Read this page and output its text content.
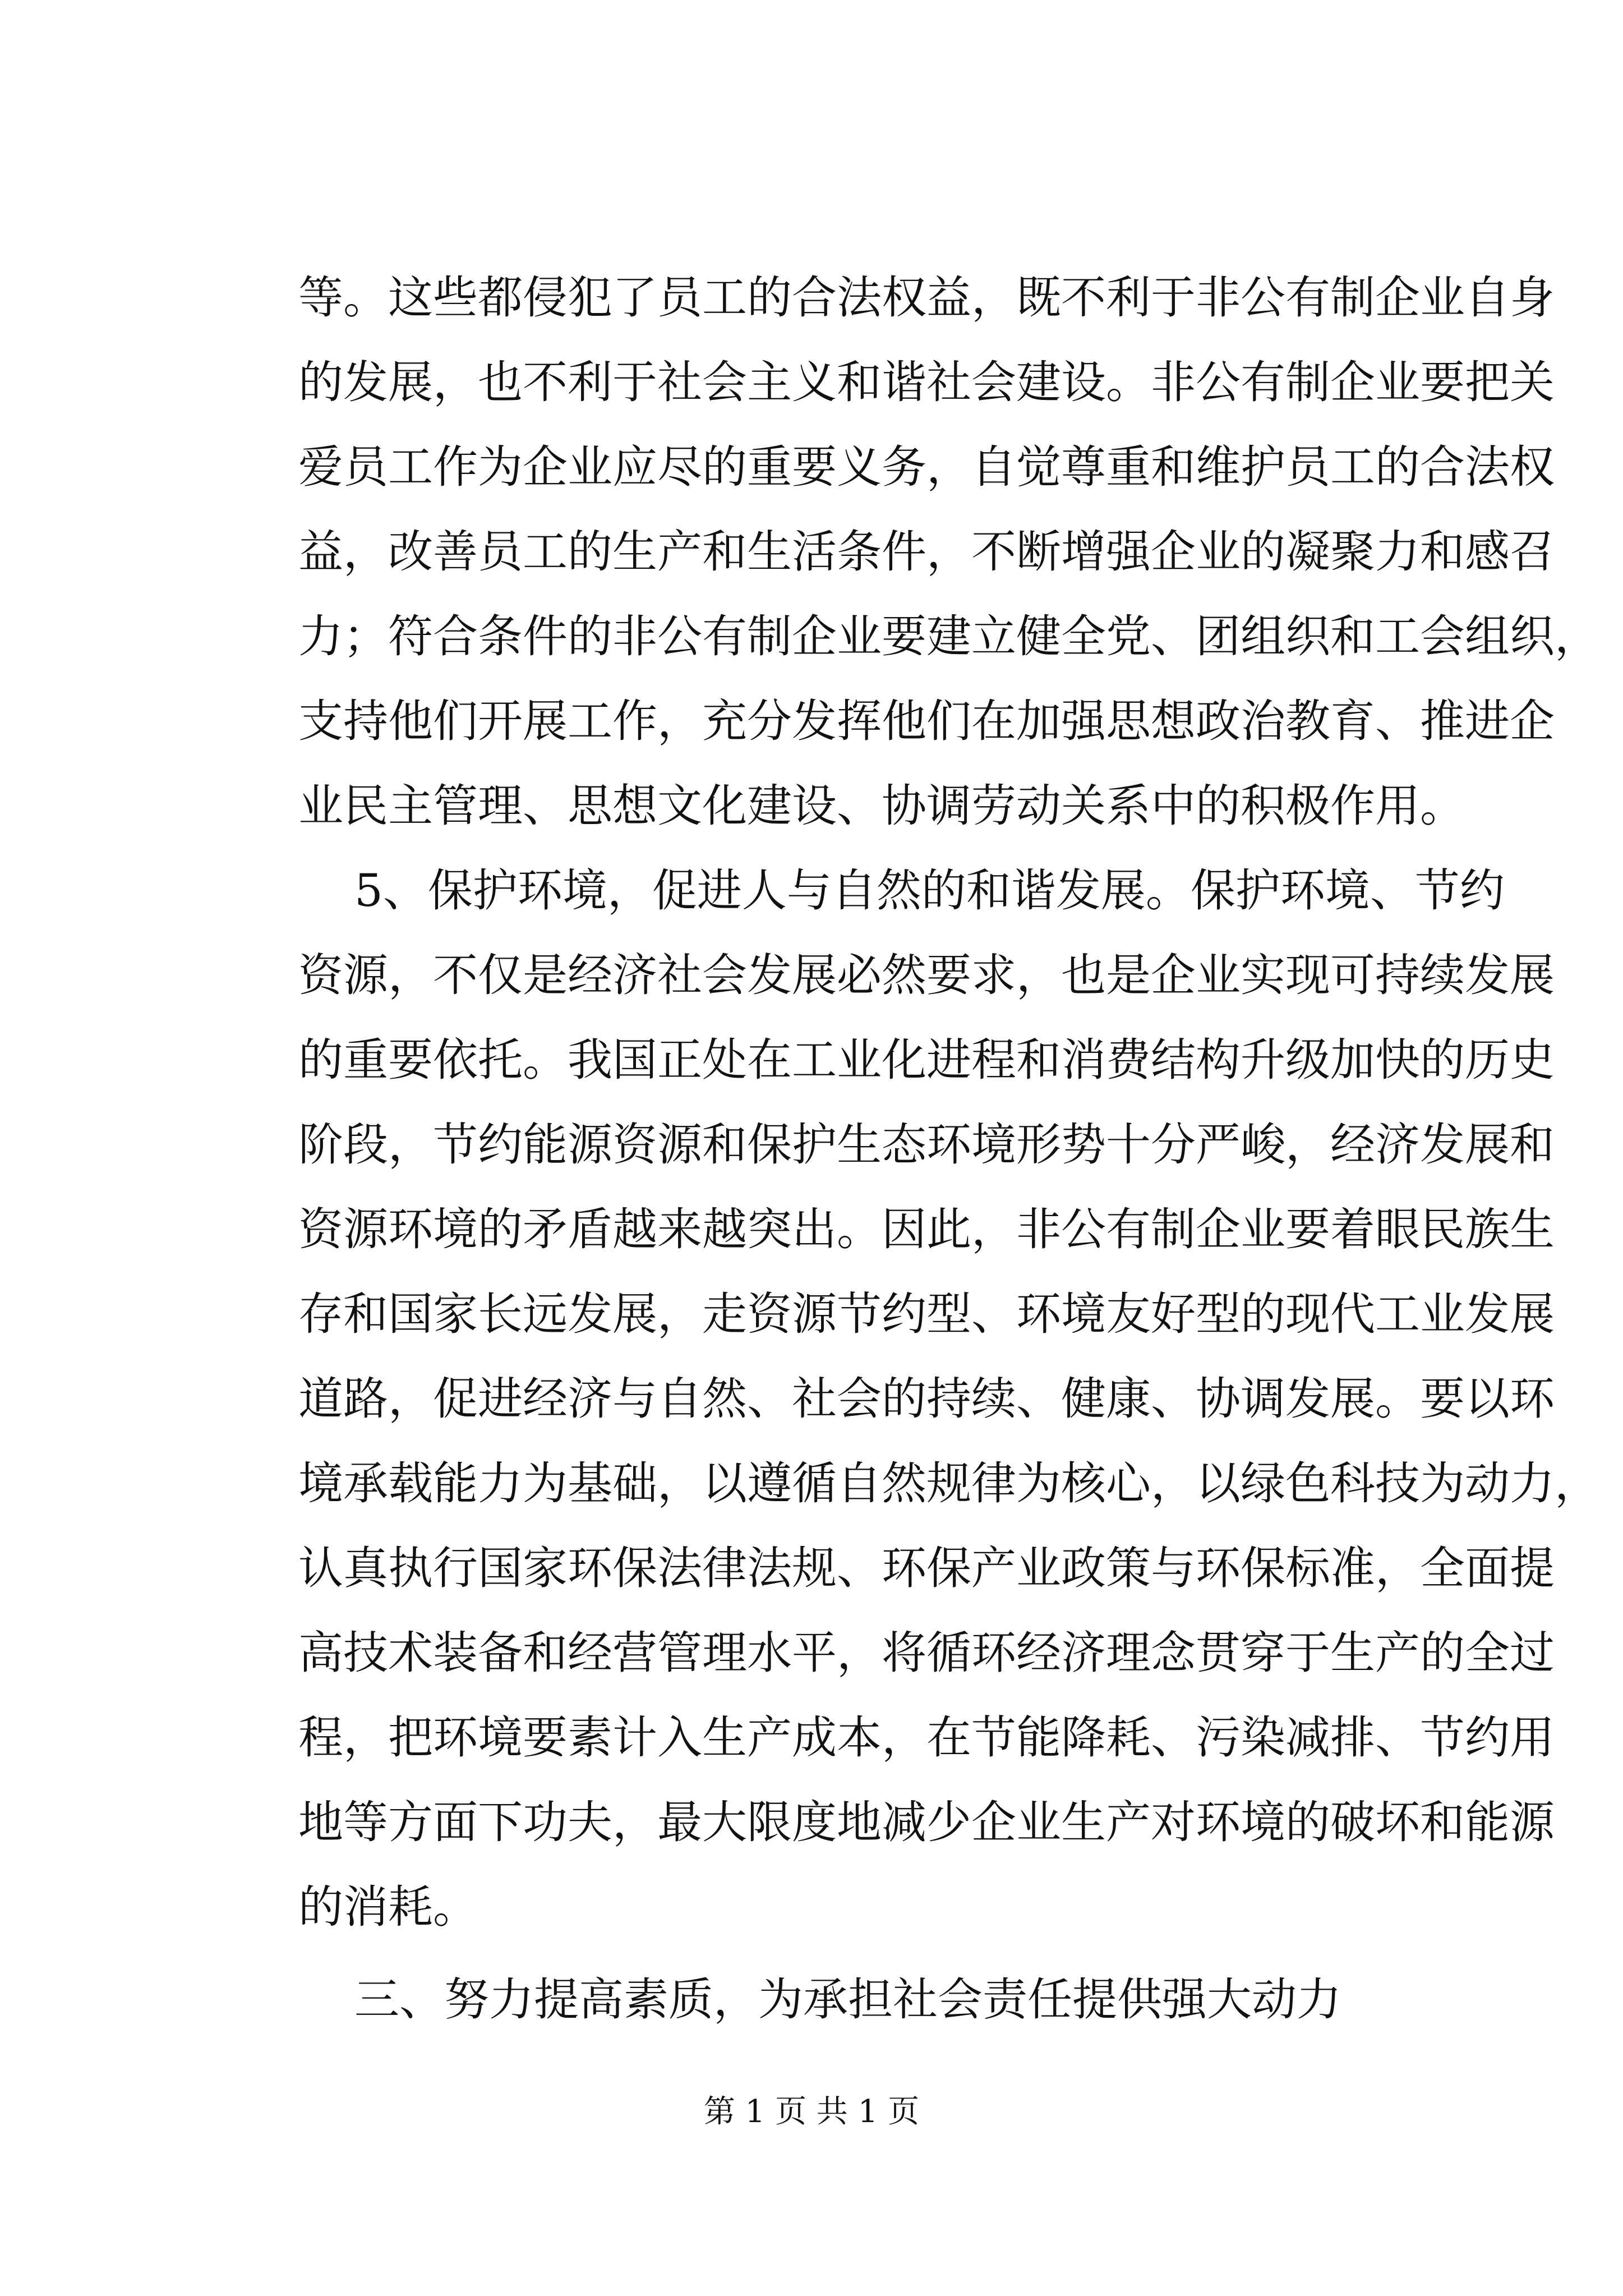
等。这些都侵犯了员工的合法权益，既不利于非公有制企业自身
的发展，也不利于社会主义和谐社会建设。非公有制企业要把关
爱员工作为企业应尽的重要义务，自觉尊重和维护员工的合法权
益，改善员工的生产和生活条件，不断增强企业的凝聚力和感召
力；符合条件的非公有制企业要建立健全党、团组织和工会组织，
支持他们开展工作，充分发挥他们在加强思想政治教育、推进企
业民主管理、思想文化建设、协调劳动关系中的积极作用。
5、保护环境，促进人与自然的和谐发展。保护环境、节约
资源，不仅是经济社会发展必然要求，也是企业实现可持续发展
的重要依托。我国正处在工业化进程和消费结构升级加快的历史
阶段，节约能源资源和保护生态环境形势十分严峻，经济发展和
资源环境的矛盾越来越突出。因此，非公有制企业要着眼民族生
存和国家长远发展，走资源节约型、环境友好型的现代工业发展
道路，促进经济与自然、社会的持续、健康、协调发展。要以环
境承载能力为基础，以遵循自然规律为核心，以绿色科技为动力，
认真执行国家环保法律法规、环保产业政策与环保标准，全面提
高技术装备和经营管理水平，将循环经济理念贯穿于生产的全过
程，把环境要素计入生产成本，在节能降耗、污染减排、节约用
地等方面下功夫，最大限度地减少企业生产对环境的破坏和能源
的消耗。
三、努力提高素质，为承担社会责任提供强大动力
第 1 页 共 1 页
